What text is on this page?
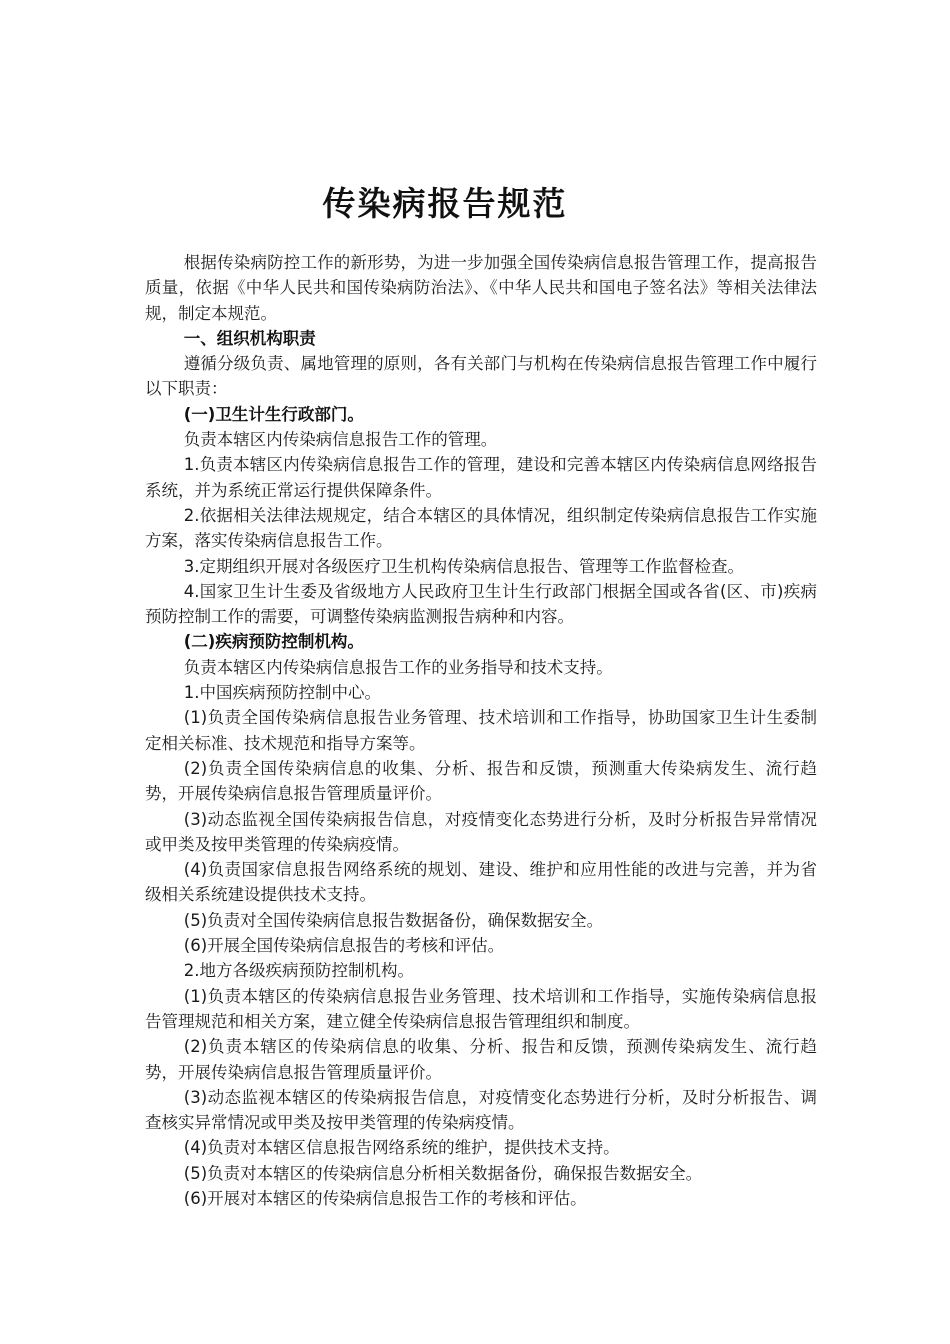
传染病报告规范

根据传染病防控工作的新形势，为进一步加强全国传染病信息报告管理工作，提高报告质量，依据《中华人民共和国传染病防治法》、《中华人民共和国电子签名法》等相关法律法规，制定本规范。

一、组织机构职责

遵循分级负责、属地管理的原则，各有关部门与机构在传染病信息报告管理工作中履行以下职责：

(一)卫生计生行政部门。

负责本辖区内传染病信息报告工作的管理。

1.负责本辖区内传染病信息报告工作的管理，建设和完善本辖区内传染病信息网络报告系统，并为系统正常运行提供保障条件。

2.依据相关法律法规规定，结合本辖区的具体情况，组织制定传染病信息报告工作实施方案，落实传染病信息报告工作。

3.定期组织开展对各级医疗卫生机构传染病信息报告、管理等工作监督检查。

4.国家卫生计生委及省级地方人民政府卫生计生行政部门根据全国或各省(区、市)疾病预防控制工作的需要，可调整传染病监测报告病种和内容。

(二)疾病预防控制机构。

负责本辖区内传染病信息报告工作的业务指导和技术支持。

1.中国疾病预防控制中心。

(1)负责全国传染病信息报告业务管理、技术培训和工作指导，协助国家卫生计生委制定相关标准、技术规范和指导方案等。

(2)负责全国传染病信息的收集、分析、报告和反馈，预测重大传染病发生、流行趋势，开展传染病信息报告管理质量评价。

(3)动态监视全国传染病报告信息，对疫情变化态势进行分析，及时分析报告异常情况或甲类及按甲类管理的传染病疫情。

(4)负责国家信息报告网络系统的规划、建设、维护和应用性能的改进与完善，并为省级相关系统建设提供技术支持。

(5)负责对全国传染病信息报告数据备份，确保数据安全。

(6)开展全国传染病信息报告的考核和评估。

2.地方各级疾病预防控制机构。

(1)负责本辖区的传染病信息报告业务管理、技术培训和工作指导，实施传染病信息报告管理规范和相关方案，建立健全传染病信息报告管理组织和制度。

(2)负责本辖区的传染病信息的收集、分析、报告和反馈，预测传染病发生、流行趋势，开展传染病信息报告管理质量评价。

(3)动态监视本辖区的传染病报告信息，对疫情变化态势进行分析，及时分析报告、调查核实异常情况或甲类及按甲类管理的传染病疫情。

(4)负责对本辖区信息报告网络系统的维护，提供技术支持。

(5)负责对本辖区的传染病信息分析相关数据备份，确保报告数据安全。

(6)开展对本辖区的传染病信息报告工作的考核和评估。
